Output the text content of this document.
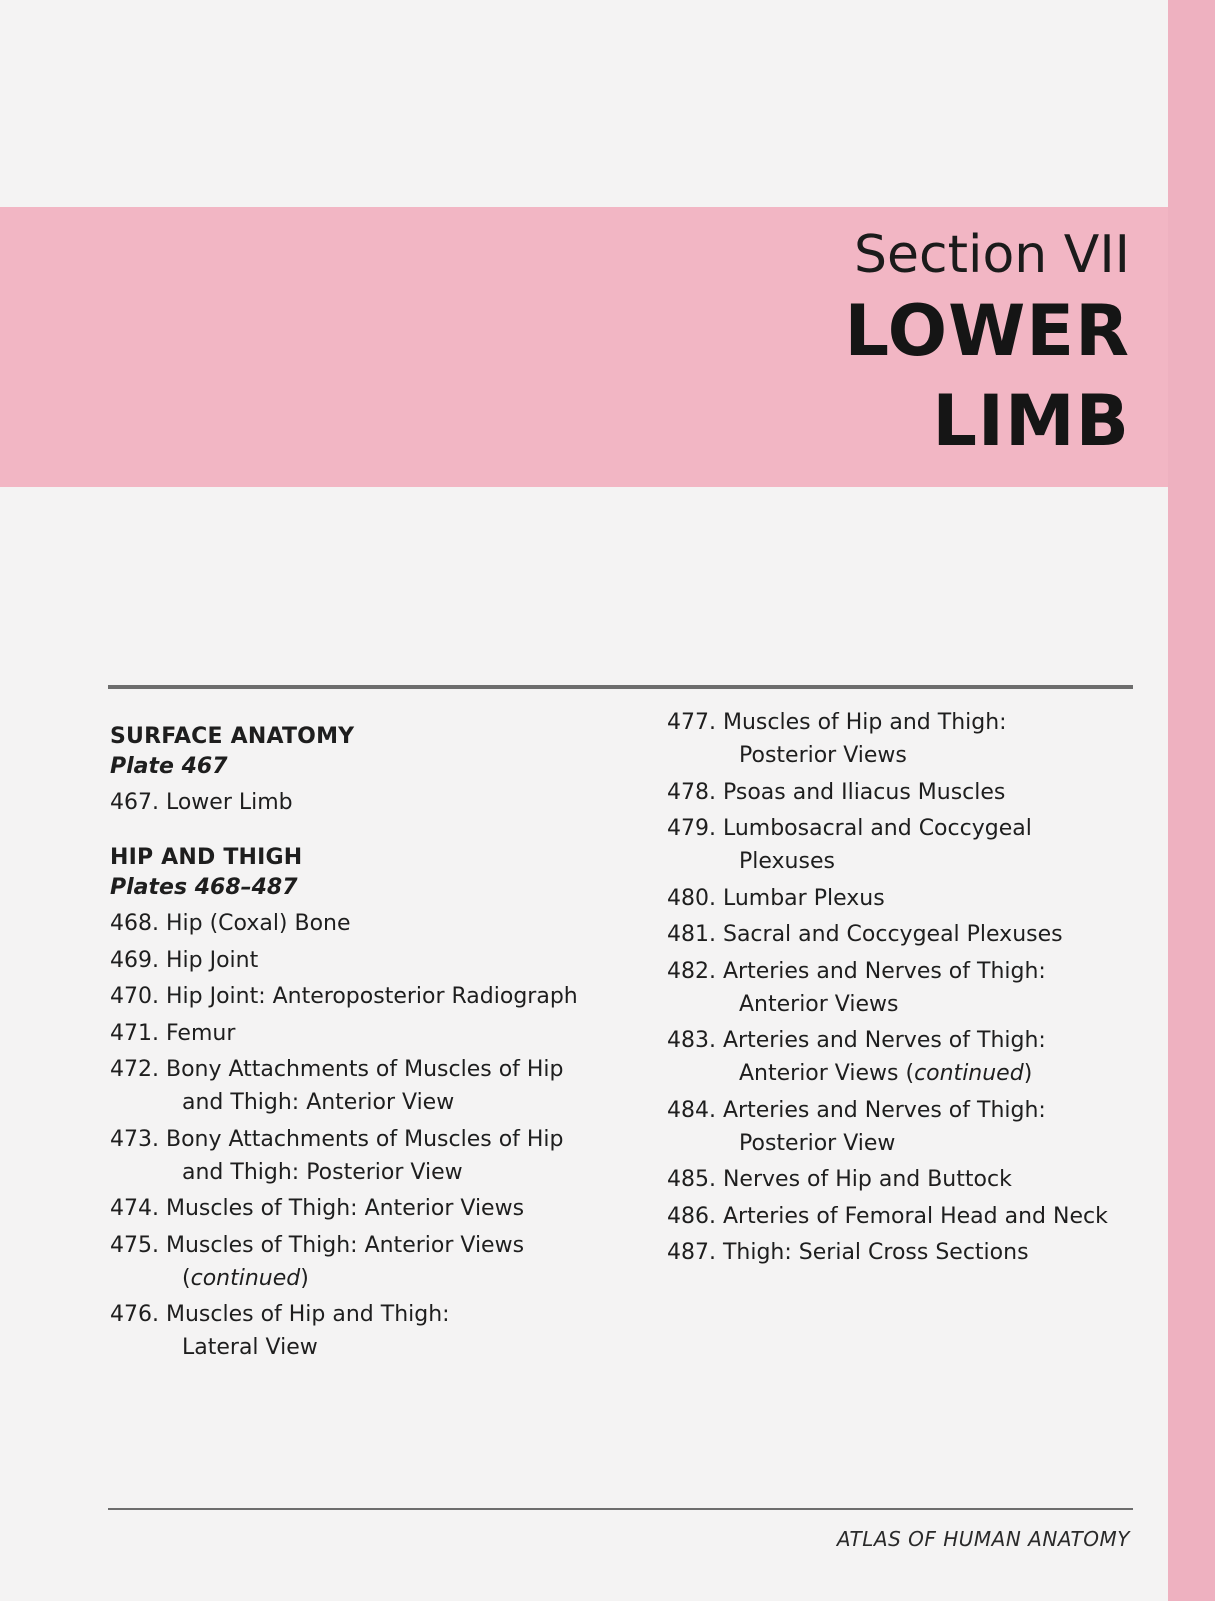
Section VII
LOWER
LIMB
SURFACE ANATOMY
Plate 467
467. Lower Limb
HIP AND THIGH
Plates 468–487
468. Hip (Coxal) Bone
469. Hip Joint
470. Hip Joint: Anteroposterior Radiograph
471. Femur
472. Bony Attachments of Muscles of Hip
and Thigh: Anterior View
473. Bony Attachments of Muscles of Hip
and Thigh: Posterior View
474. Muscles of Thigh: Anterior Views
475. Muscles of Thigh: Anterior Views
(continued)
476. Muscles of Hip and Thigh:
Lateral View
477. Muscles of Hip and Thigh:
Posterior Views
478. Psoas and Iliacus Muscles
479. Lumbosacral and Coccygeal
Plexuses
480. Lumbar Plexus
481. Sacral and Coccygeal Plexuses
482. Arteries and Nerves of Thigh:
Anterior Views
483. Arteries and Nerves of Thigh:
Anterior Views (continued)
484. Arteries and Nerves of Thigh:
Posterior View
485. Nerves of Hip and Buttock
486. Arteries of Femoral Head and Neck
487. Thigh: Serial Cross Sections
ATLAS OF HUMAN ANATOMY
